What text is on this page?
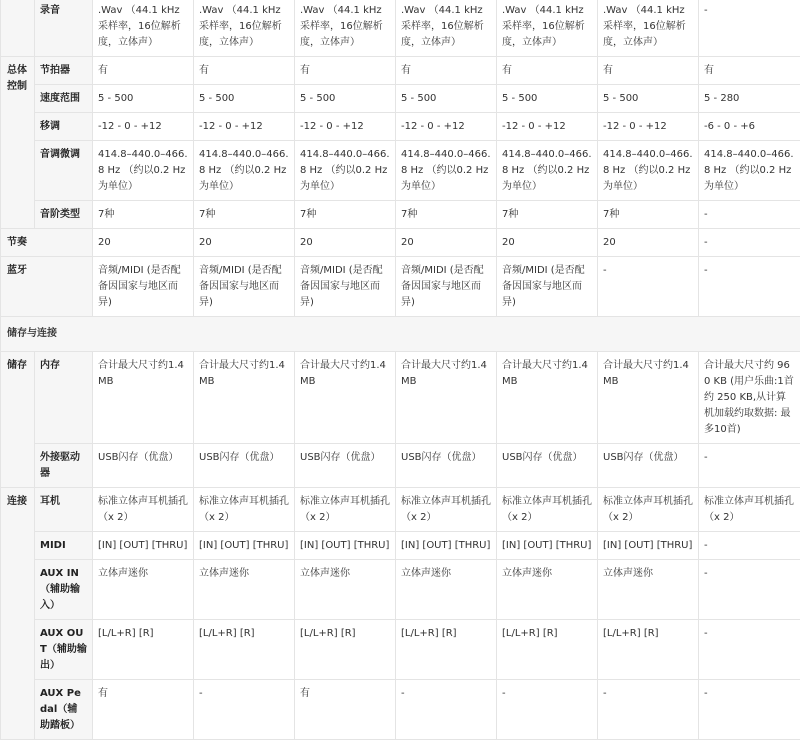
	录音	.Wav （44.1 kHz采样率，16位解析度，立体声）	.Wav （44.1 kHz采样率，16位解析度，立体声）	.Wav （44.1 kHz采样率，16位解析度，立体声）	.Wav （44.1 kHz采样率，16位解析度，立体声）	.Wav （44.1 kHz采样率，16位解析度，立体声）	.Wav （44.1 kHz采样率，16位解析度，立体声）	-
总体控制	节拍器	有	有	有	有	有	有	有
	速度范围	5 - 500	5 - 500	5 - 500	5 - 500	5 - 500	5 - 500	5 - 280
	移调	-12 - 0 - +12	-12 - 0 - +12	-12 - 0 - +12	-12 - 0 - +12	-12 - 0 - +12	-12 - 0 - +12	-6 - 0 - +6
	音调微调	414.8–440.0–466.8 Hz （约以0.2 Hz为单位）	414.8–440.0–466.8 Hz （约以0.2 Hz为单位）	414.8–440.0–466.8 Hz （约以0.2 Hz为单位）	414.8–440.0–466.8 Hz （约以0.2 Hz为单位）	414.8–440.0–466.8 Hz （约以0.2 Hz为单位）	414.8–440.0–466.8 Hz （约以0.2 Hz为单位）	414.8–440.0–466.8 Hz （约以0.2 Hz为单位）
	音阶类型	7种	7种	7种	7种	7种	7种	-
节奏		20	20	20	20	20	20	-
蓝牙		音频/MIDI (是否配备因国家与地区而异)	音频/MIDI (是否配备因国家与地区而异)	音频/MIDI (是否配备因国家与地区而异)	音频/MIDI (是否配备因国家与地区而异)	音频/MIDI (是否配备因国家与地区而异)	-	-
储存与连接								
储存	内存	合计最大尺寸约1.4 MB	合计最大尺寸约1.4 MB	合计最大尺寸约1.4 MB	合计最大尺寸约1.4 MB	合计最大尺寸约1.4 MB	合计最大尺寸约1.4 MB	合计最大尺寸约 960 KB (用户乐曲:1首约 250 KB,从计算机加载约取数据: 最多10首)
	外接驱动器	USB闪存（优盘）	USB闪存（优盘）	USB闪存（优盘）	USB闪存（优盘）	USB闪存（优盘）	USB闪存（优盘）	-
连接	耳机	标准立体声耳机插孔（x 2）	标准立体声耳机插孔（x 2）	标准立体声耳机插孔（x 2）	标准立体声耳机插孔（x 2）	标准立体声耳机插孔（x 2）	标准立体声耳机插孔（x 2）	标准立体声耳机插孔（x 2）
	MIDI	[IN] [OUT] [THRU]	[IN] [OUT] [THRU]	[IN] [OUT] [THRU]	[IN] [OUT] [THRU]	[IN] [OUT] [THRU]	[IN] [OUT] [THRU]	-
	AUX IN（辅助输入）	立体声迷你	立体声迷你	立体声迷你	立体声迷你	立体声迷你	立体声迷你	-
	AUX OUT（辅助输出）	[L/L+R] [R]	[L/L+R] [R]	[L/L+R] [R]	[L/L+R] [R]	[L/L+R] [R]	[L/L+R] [R]	-
	AUX Pedal（辅助踏板）	有	-	有	-	-	-	-
